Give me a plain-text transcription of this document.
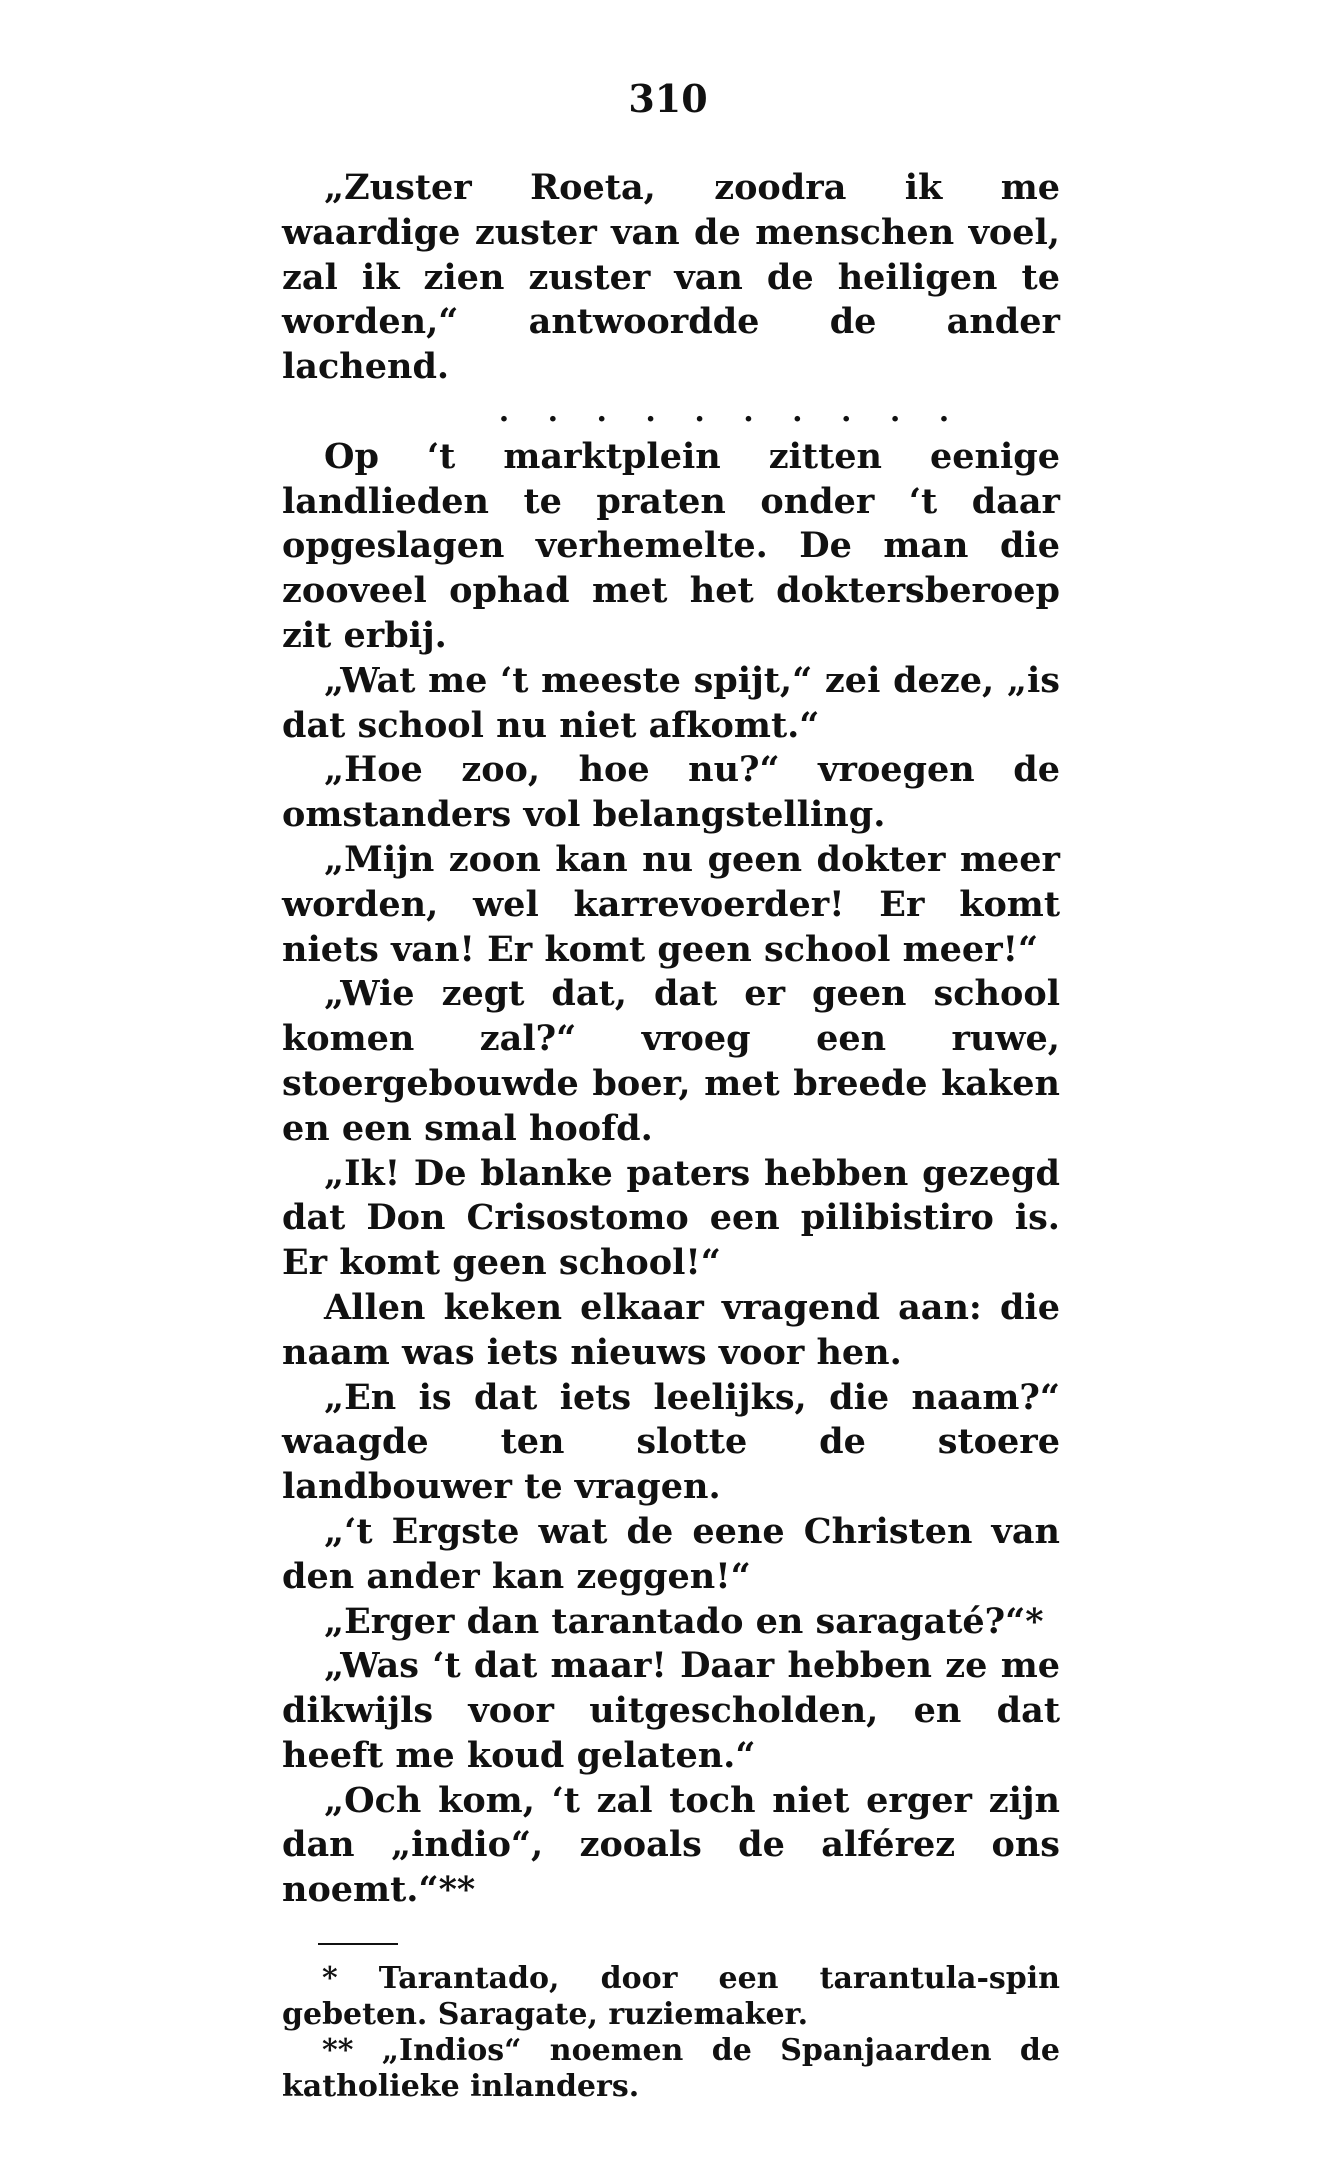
310

„Zuster Roeta, zoodra ik me waardige zuster van de menschen voel, zal ik zien zuster van de heiligen te worden,“ antwoordde de ander lachend.

. . . . . . . . . .

Op ‘t marktplein zitten eenige landlieden te praten onder ‘t daar opgeslagen verhemelte. De man die zooveel ophad met het doktersberoep zit erbij.

„Wat me ‘t meeste spijt,“ zei deze, „is dat school nu niet afkomt.“

„Hoe zoo, hoe nu?“ vroegen de omstanders vol belangstelling.

„Mijn zoon kan nu geen dokter meer worden, wel karrevoerder! Er komt niets van! Er komt geen school meer!“

„Wie zegt dat, dat er geen school komen zal?“ vroeg een ruwe, stoergebouwde boer, met breede kaken en een smal hoofd.

„Ik! De blanke paters hebben gezegd dat Don Crisostomo een pilibistiro is. Er komt geen school!“

Allen keken elkaar vragend aan: die naam was iets nieuws voor hen.

„En is dat iets leelijks, die naam?“ waagde ten slotte de stoere landbouwer te vragen.

„‘t Ergste wat de eene Christen van den ander kan zeggen!“

„Erger dan tarantado en saragaté?“*

„Was ‘t dat maar! Daar hebben ze me dikwijls voor uitgescholden, en dat heeft me koud gelaten.“

„Och kom, ‘t zal toch niet erger zijn dan „indio“, zooals de alférez ons noemt.“**

* Tarantado, door een tarantula-spin gebeten. Saragate, ruziemaker.

** „Indios“ noemen de Spanjaarden de katholieke inlanders.
